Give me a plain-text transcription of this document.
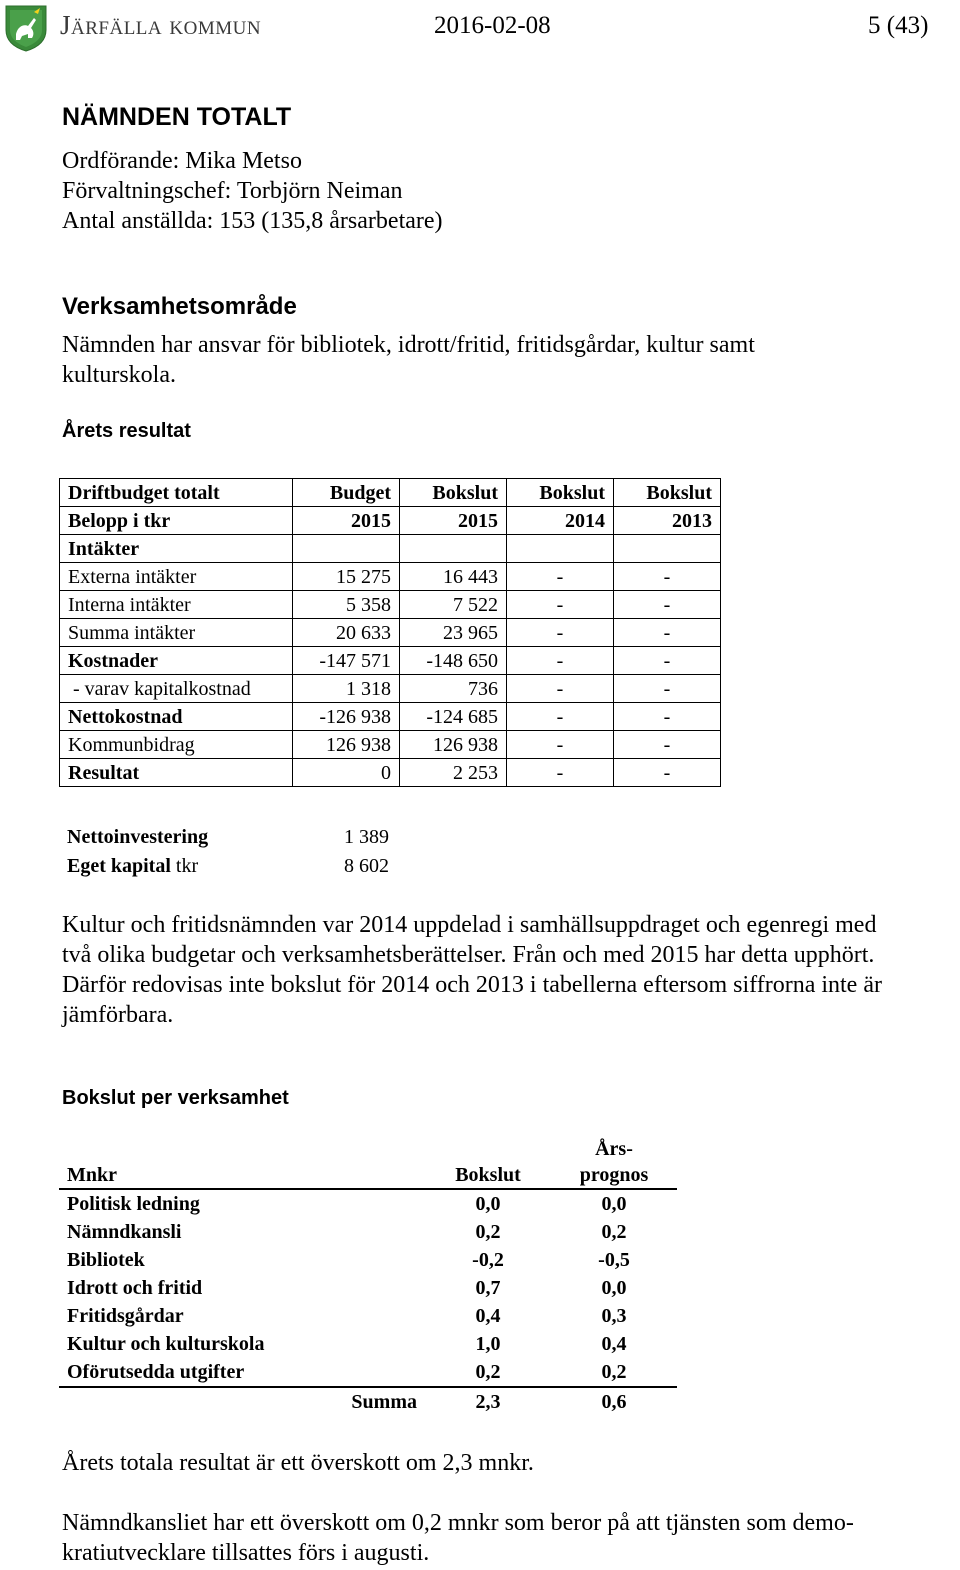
Järfälla kommun	2016-02-08	5 (43)
NÄMNDEN TOTALT
Ordförande: Mika Metso
Förvaltningschef: Torbjörn Neiman
Antal anställda: 153 (135,8 årsarbetare)
Verksamhetsområde
Nämnden har ansvar för bibliotek, idrott/fritid, fritidsgårdar, kultur samt
kulturskola.
Årets resultat
Driftbudget totalt	Budget	Bokslut	Bokslut	Bokslut
Belopp i tkr	2015	2015	2014	2013
Intäkter				
Externa intäkter	15 275	16 443	-	-
Interna intäkter	5 358	7 522	-	-
Summa intäkter	20 633	23 965	-	-
Kostnader	-147 571	-148 650	-	-
- varav kapitalkostnad	1 318	736	-	-
Nettokostnad	-126 938	-124 685	-	-
Kommunbidrag	126 938	126 938	-	-
Resultat	0	2 253	-	-
Nettoinvestering	1 389
Eget kapital tkr	8 602
Kultur och fritidsnämnden var 2014 uppdelad i samhällsuppdraget och egenregi med
två olika budgetar och verksamhetsberättelser. Från och med 2015 har detta upphört.
Därför redovisas inte bokslut för 2014 och 2013 i tabellerna eftersom siffrorna inte är
jämförbara.
Bokslut per verksamhet
Mnkr	Bokslut	Års-
prognos
Politisk ledning	0,0	0,0
Nämndkansli	0,2	0,2
Bibliotek	-0,2	-0,5
Idrott och fritid	0,7	0,0
Fritidsgårdar	0,4	0,3
Kultur och kulturskola	1,0	0,4
Oförutsedda utgifter	0,2	0,2
Summa	2,3	0,6
Årets totala resultat är ett överskott om 2,3 mnkr.
Nämndkansliet har ett överskott om 0,2 mnkr som beror på att tjänsten som demo-
kratiutvecklare tillsattes förs i augusti.
